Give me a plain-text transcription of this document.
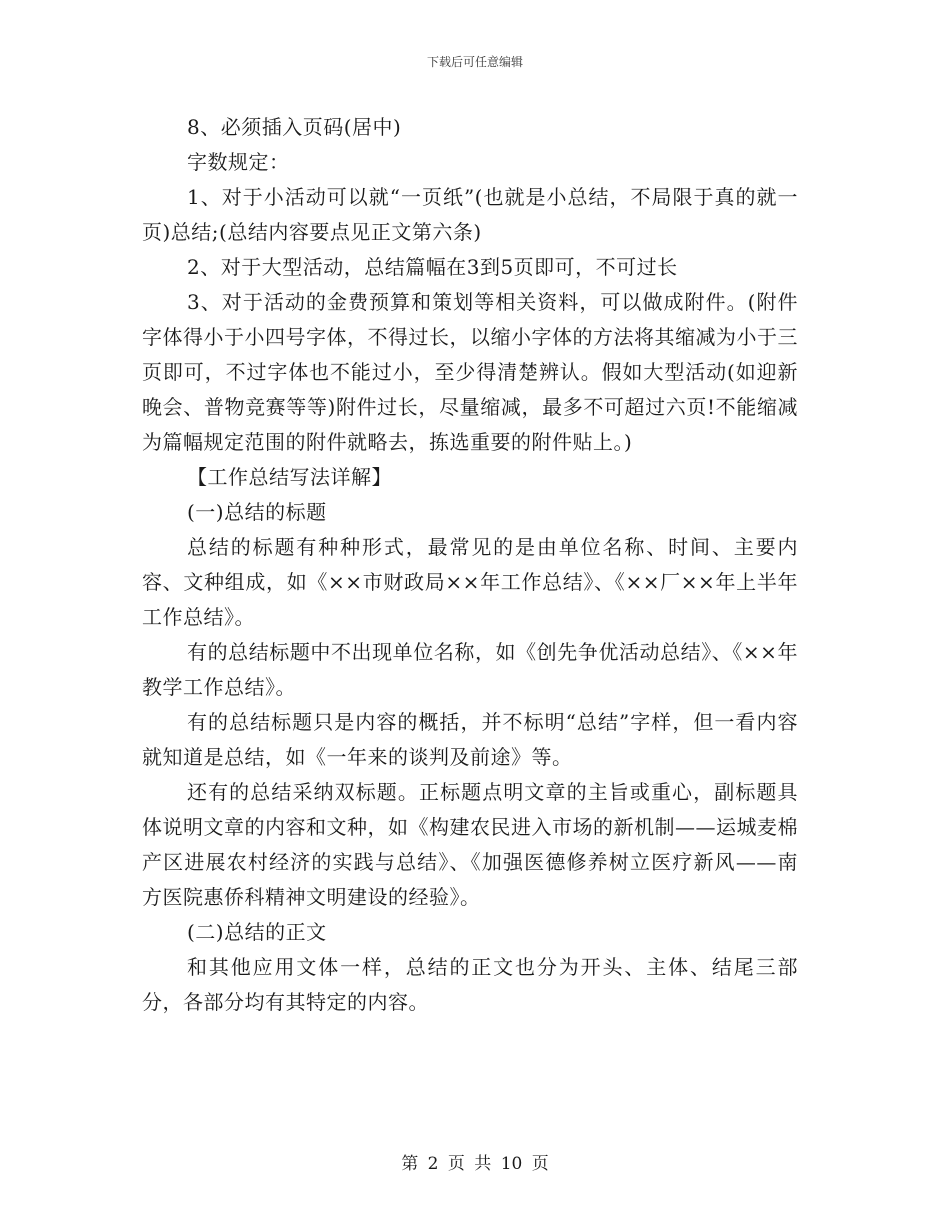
下载后可任意编辑

8、必须插入页码(居中)

字数规定：

1、对于小活动可以就“一页纸”(也就是小总结，不局限于真的就一页)总结;(总结内容要点见正文第六条)

2、对于大型活动，总结篇幅在3到5页即可，不可过长

3、对于活动的金费预算和策划等相关资料，可以做成附件。(附件字体得小于小四号字体，不得过长，以缩小字体的方法将其缩减为小于三页即可，不过字体也不能过小，至少得清楚辨认。假如大型活动(如迎新晚会、普物竞赛等等)附件过长，尽量缩减，最多不可超过六页!不能缩减为篇幅规定范围的附件就略去，拣选重要的附件贴上。)

【工作总结写法详解】

(一)总结的标题

总结的标题有种种形式，最常见的是由单位名称、时间、主要内容、文种组成，如《××市财政局××年工作总结》、《××厂××年上半年工作总结》。

有的总结标题中不出现单位名称，如《创先争优活动总结》、《××年教学工作总结》。

有的总结标题只是内容的概括，并不标明“总结”字样，但一看内容就知道是总结，如《一年来的谈判及前途》等。

还有的总结采纳双标题。正标题点明文章的主旨或重心，副标题具体说明文章的内容和文种，如《构建农民进入市场的新机制——运城麦棉产区进展农村经济的实践与总结》、《加强医德修养树立医疗新风——南方医院惠侨科精神文明建设的经验》。

(二)总结的正文

和其他应用文体一样，总结的正文也分为开头、主体、结尾三部分，各部分均有其特定的内容。

第 2 页 共 10 页
